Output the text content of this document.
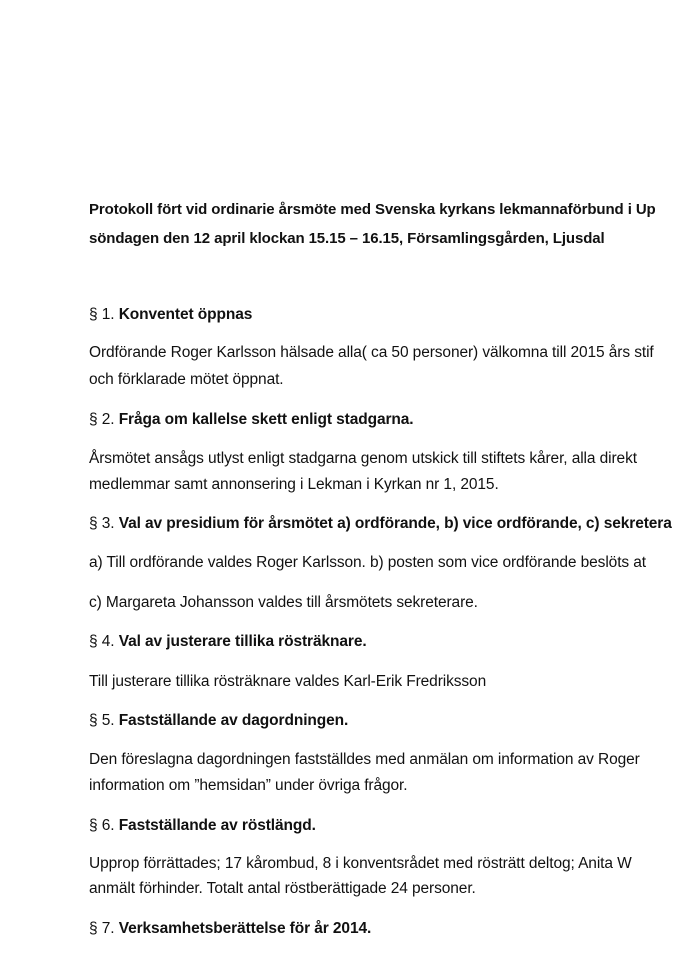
Protokoll fört vid ordinarie årsmöte med Svenska kyrkans lekmannaförbund i Up
söndagen den 12 april klockan 15.15 – 16.15, Församlingsgården, Ljusdal
§ 1. Konventet öppnas
Ordförande Roger Karlsson hälsade alla( ca 50 personer) välkomna till 2015 års stif
och förklarade mötet öppnat.
§ 2. Fråga om kallelse skett enligt stadgarna.
Årsmötet ansågs utlyst enligt stadgarna genom utskick till stiftets kårer, alla direkt
medlemmar samt annonsering i Lekman i Kyrkan nr 1, 2015.
§ 3. Val av presidium för årsmötet a) ordförande, b) vice ordförande, c) sekretera
a) Till ordförande valdes Roger Karlsson. b) posten som vice ordförande beslöts at
c) Margareta Johansson valdes till årsmötets sekreterare.
§ 4. Val av justerare tillika rösträknare.
Till justerare tillika rösträknare valdes Karl-Erik Fredriksson
§ 5. Fastställande av dagordningen.
Den föreslagna dagordningen fastställdes med anmälan om information av Roger
information om ”hemsidan” under övriga frågor.
§ 6. Fastställande av röstlängd.
Upprop förrättades; 17 kårombud, 8 i konventsrådet med rösträtt deltog; Anita W
anmält förhinder. Totalt antal röstberättigade 24 personer.
§ 7. Verksamhetsberättelse för år 2014.
